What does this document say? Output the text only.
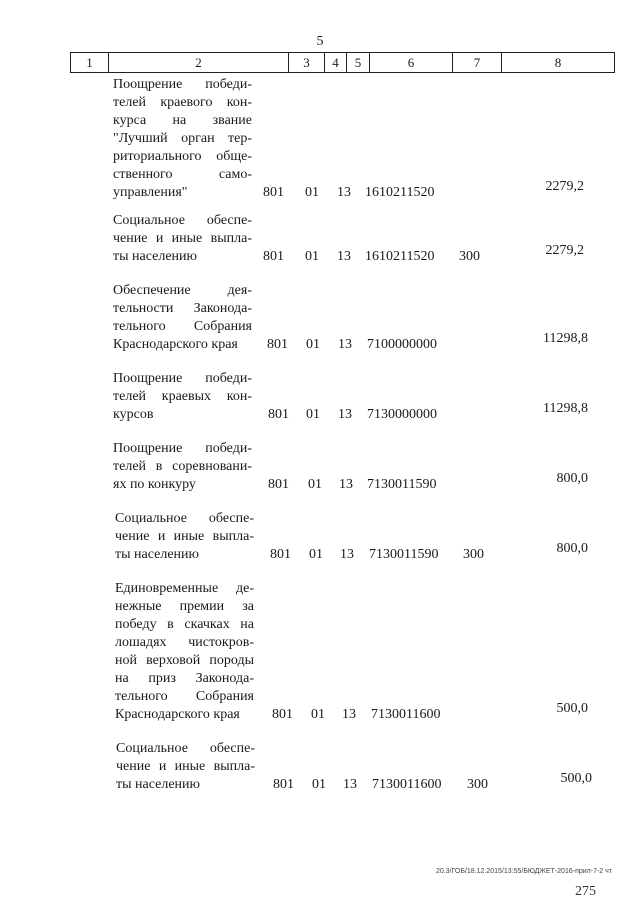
5
1	2	3	4	5	6	7	8
Поощрение победи-
телей краевого кон-
курса на звание
"Лучший орган тер-
риториального обще-
ственного само-
управления"	801 01 13 1610211520	2279,2
Социальное обеспе-
чение и иные выпла-
ты населению	801 01 13 1610211520 300	2279,2
Обеспечение дея-
тельности Законода-
тельного Собрания
Краснодарского края	801 01 13 7100000000	11298,8
Поощрение победи-
телей краевых кон-
курсов	801 01 13 7130000000	11298,8
Поощрение победи-
телей в соревновани-
ях по конкуру	801 01 13 7130011590	800,0
Социальное обеспе-
чение и иные выпла-
ты населению	801 01 13 7130011590 300	800,0
Единовременные де-
нежные премии за
победу в скачках на
лошадях чистокров-
ной верховой породы
на приз Законода-
тельного Собрания
Краснодарского края	801 01 13 7130011600	500,0
Социальное обеспе-
чение и иные выпла-
ты населению	801 01 13 7130011600 300	500,0
20.3/ГОБ/18.12.2015/13:55/БЮДЖЕТ-2016-прил-7-2 чт
275
